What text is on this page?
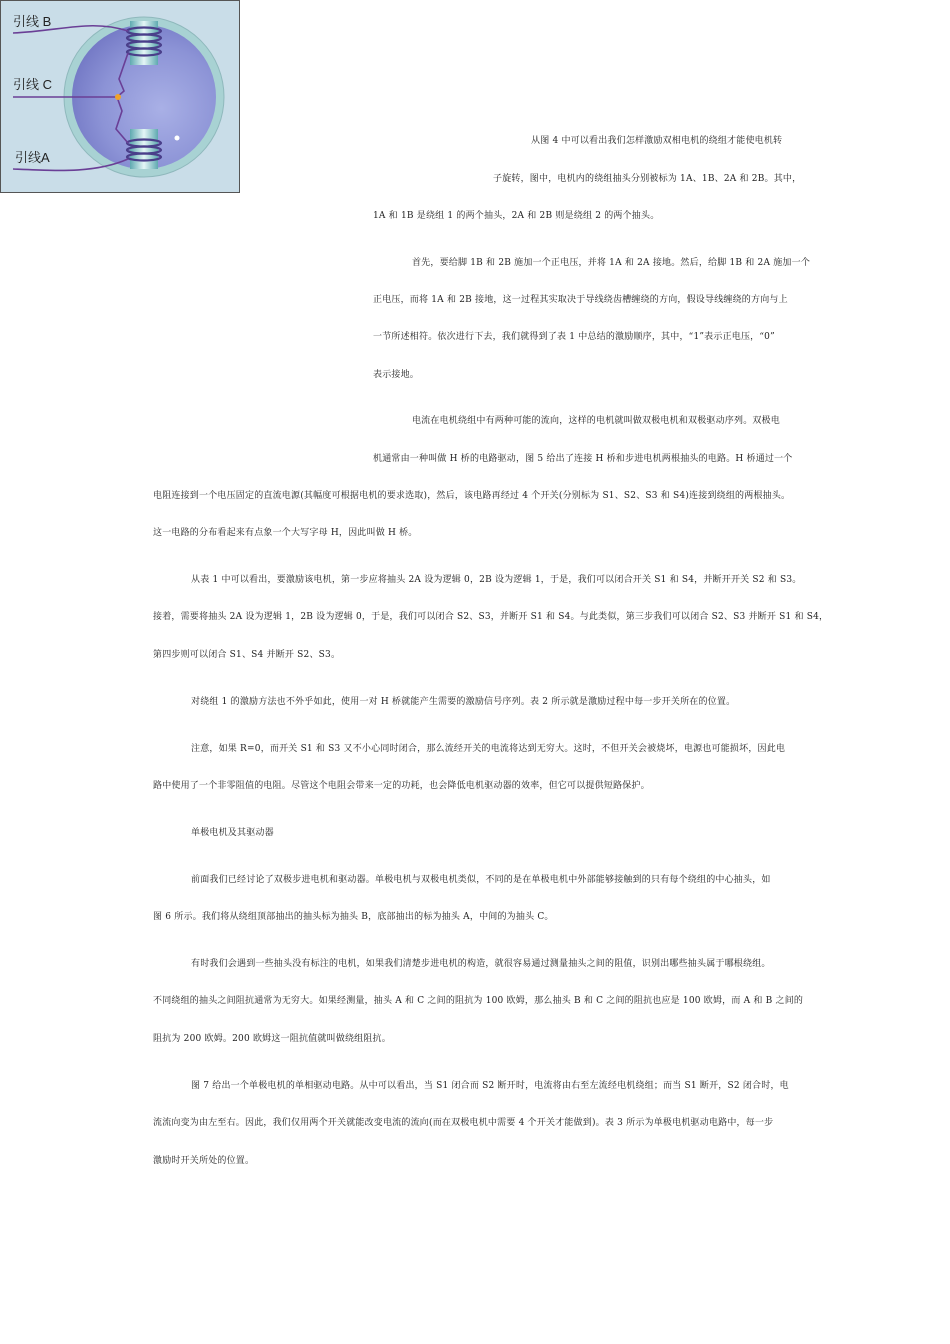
引线 B
引线 C
引线A
从图 4 中可以看出我们怎样激励双相电机的绕组才能使电机转
子旋转，图中，电机内的绕组抽头分别被标为 1A、1B、2A 和 2B。其中，
1A 和 1B 是绕组 1 的两个抽头，2A 和 2B 则是绕组 2 的两个抽头。
首先，要给脚 1B 和 2B 施加一个正电压，并将 1A 和 2A 接地。然后，给脚 1B 和 2A 施加一个
正电压，而将 1A 和 2B 接地，这一过程其实取决于导线绕齿槽缠绕的方向，假设导线缠绕的方向与上
一节所述相符。依次进行下去，我们就得到了表 1 中总结的激励顺序，其中，“1”表示正电压，“0”
表示接地。
电流在电机绕组中有两种可能的流向，这样的电机就叫做双极电机和双极驱动序列。双极电
机通常由一种叫做 H 桥的电路驱动，图 5 给出了连接 H 桥和步进电机两根抽头的电路。H 桥通过一个
电阻连接到一个电压固定的直流电源(其幅度可根据电机的要求选取)，然后，该电路再经过 4 个开关(分别标为 S1、S2、S3 和 S4)连接到绕组的两根抽头。
这一电路的分布看起来有点象一个大写字母 H，因此叫做 H 桥。
从表 1 中可以看出，要激励该电机，第一步应将抽头 2A 设为逻辑 0，2B 设为逻辑 1，于是，我们可以闭合开关 S1 和 S4，并断开开关 S2 和 S3。
接着，需要将抽头 2A 设为逻辑 1，2B 设为逻辑 0，于是，我们可以闭合 S2、S3，并断开 S1 和 S4。与此类似，第三步我们可以闭合 S2、S3 并断开 S1 和 S4，
第四步则可以闭合 S1、S4 并断开 S2、S3。
对绕组 1 的激励方法也不外乎如此，使用一对 H 桥就能产生需要的激励信号序列。表 2 所示就是激励过程中每一步开关所在的位置。
注意，如果 R=0，而开关 S1 和 S3 又不小心同时闭合，那么流经开关的电流将达到无穷大。这时，不但开关会被烧坏，电源也可能损坏，因此电
路中使用了一个非零阻值的电阻。尽管这个电阻会带来一定的功耗，也会降低电机驱动器的效率，但它可以提供短路保护。
单极电机及其驱动器
前面我们已经讨论了双极步进电机和驱动器。单极电机与双极电机类似，不同的是在单极电机中外部能够接触到的只有每个绕组的中心抽头，如
图 6 所示。我们将从绕组顶部抽出的抽头标为抽头 B，底部抽出的标为抽头 A，中间的为抽头 C。
有时我们会遇到一些抽头没有标注的电机，如果我们清楚步进电机的构造，就很容易通过测量抽头之间的阻值，识别出哪些抽头属于哪根绕组。
不同绕组的抽头之间阻抗通常为无穷大。如果经测量，抽头 A 和 C 之间的阻抗为 100 欧姆，那么抽头 B 和 C 之间的阻抗也应是 100 欧姆，而 A 和 B 之间的
阻抗为 200 欧姆。200 欧姆这一阻抗值就叫做绕组阻抗。
图 7 给出一个单极电机的单相驱动电路。从中可以看出，当 S1 闭合而 S2 断开时，电流将由右至左流经电机绕组；而当 S1 断开，S2 闭合时，电
流流向变为由左至右。因此，我们仅用两个开关就能改变电流的流向(而在双极电机中需要 4 个开关才能做到)。表 3 所示为单极电机驱动电路中，每一步
激励时开关所处的位置。
